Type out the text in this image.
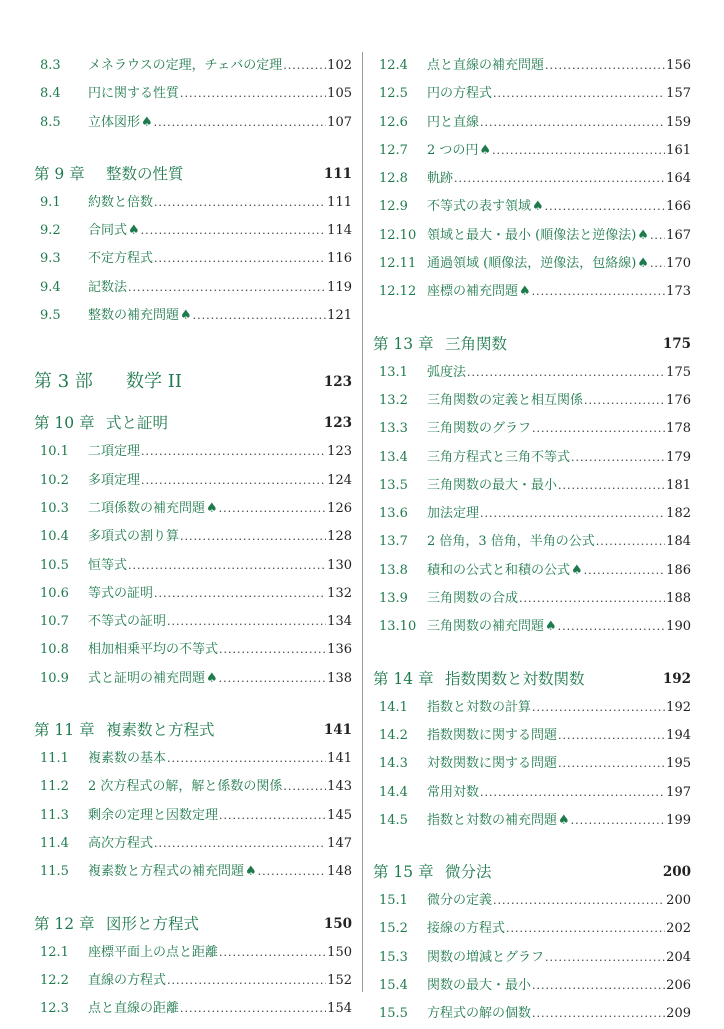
8.3 メネラウスの定理，チェバの定理 .....	102
8.4 円に関する性質 .....	105
8.5 立体図形 ♠ .....	107
第 9 章 整数の性質	111
9.1 約数と倍数 .....	111
9.2 合同式 ♠ .....	114
9.3 不定方程式 .....	116
9.4 記数法 .....	119
9.5 整数の補充問題 ♠ .....	121
第 3 部 数学 II	123
第 10 章 式と証明	123
10.1 二項定理 .....	123
10.2 多項定理 .....	124
10.3 二項係数の補充問題 ♠ .....	126
10.4 多項式の割り算 .....	128
10.5 恒等式 .....	130
10.6 等式の証明 .....	132
10.7 不等式の証明 .....	134
10.8 相加相乗平均の不等式 .....	136
10.9 式と証明の補充問題 ♠ .....	138
第 11 章 複素数と方程式	141
11.1 複素数の基本 .....	141
11.2 2 次方程式の解，解と係数の関係 .....	143
11.3 剰余の定理と因数定理 .....	145
11.4 高次方程式 .....	147
11.5 複素数と方程式の補充問題 ♠ .....	148
第 12 章 図形と方程式	150
12.1 座標平面上の点と距離 .....	150
12.2 直線の方程式 .....	152
12.3 点と直線の距離 .....	154
12.4 点と直線の補充問題 .....	156
12.5 円の方程式 .....	157
12.6 円と直線 .....	159
12.7 2 つの円 ♠ .....	161
12.8 軌跡 .....	164
12.9 不等式の表す領域 ♠ .....	166
12.10 領域と最大・最小 (順像法と逆像法) ♠ ..... 167
12.11 通過領域 (順像法，逆像法，包絡線) ♠ ..... 170
12.12 座標の補充問題 ♠ .....	173
第 13 章 三角関数	175
13.1 弧度法 .....	175
13.2 三角関数の定義と相互関係 .....	176
13.3 三角関数のグラフ .....	178
13.4 三角方程式と三角不等式 .....	179
13.5 三角関数の最大・最小 .....	181
13.6 加法定理 .....	182
13.7 2 倍角，3 倍角，半角の公式 .....	184
13.8 積和の公式と和積の公式 ♠ .....	186
13.9 三角関数の合成 .....	188
13.10 三角関数の補充問題 ♠ .....	190
第 14 章 指数関数と対数関数	192
14.1 指数と対数の計算 .....	192
14.2 指数関数に関する問題 .....	194
14.3 対数関数に関する問題 .....	195
14.4 常用対数 .....	197
14.5 指数と対数の補充問題 ♠ .....	199
第 15 章 微分法	200
15.1 微分の定義 .....	200
15.2 接線の方程式 .....	202
15.3 関数の増減とグラフ .....	204
15.4 関数の最大・最小 .....	206
15.5 方程式の解の個数 .....	209
